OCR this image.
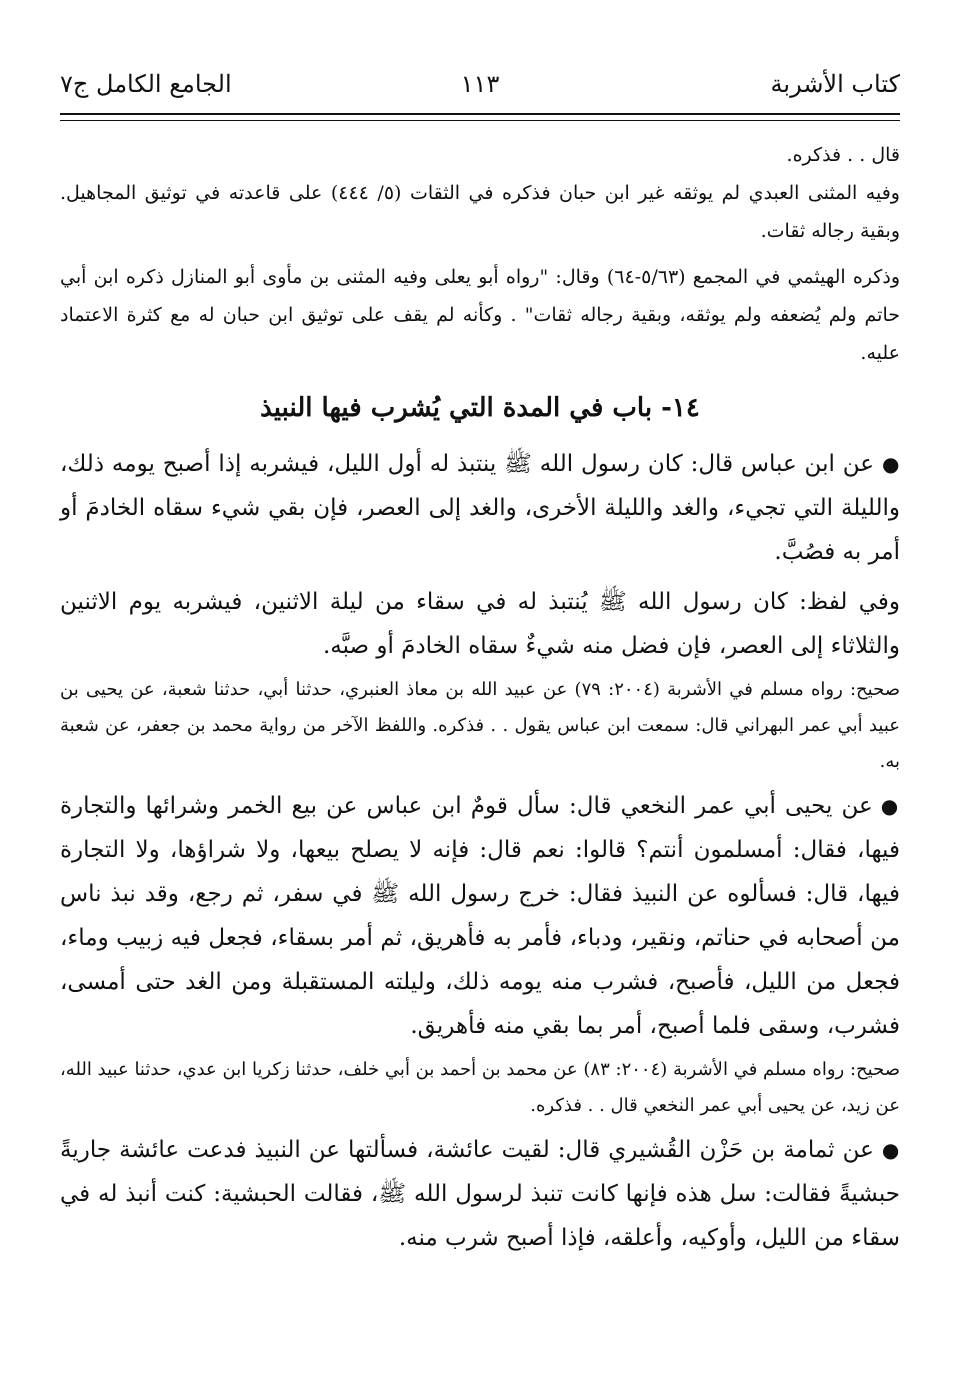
كتاب الأشربة
١١٣
الجامع الكامل ج٧

قال . . فذكره.

وفيه المثنى العبدي لم يوثقه غير ابن حبان فذكره في الثقات (٥/ ٤٤٤) على قاعدته في توثيق المجاهيل. وبقية رجاله ثقات.

وذكره الهيثمي في المجمع (٥/٦٣-٦٤) وقال: "رواه أبو يعلى وفيه المثنى بن مأوى أبو المنازل ذكره ابن أبي حاتم ولم يُضعفه ولم يوثقه، وبقية رجاله ثقات" . وكأنه لم يقف على توثيق ابن حبان له مع كثرة الاعتماد عليه.

١٤- باب في المدة التي يُشرب فيها النبيذ

●عن ابن عباس قال: كان رسول الله ﷺ ينتبذ له أول الليل، فيشربه إذا أصبح يومه ذلك، والليلة التي تجيء، والغد والليلة الأخرى، والغد إلى العصر، فإن بقي شيء سقاه الخادمَ أو أمر به فصُبَّ.

وفي لفظ: كان رسول الله ﷺ يُنتبذ له في سقاء من ليلة الاثنين، فيشربه يوم الاثنين والثلاثاء إلى العصر، فإن فضل منه شيءٌ سقاه الخادمَ أو صبَّه.

صحيح: رواه مسلم في الأشربة (٢٠٠٤: ٧٩) عن عبيد الله بن معاذ العنبري، حدثنا أبي، حدثنا شعبة، عن يحيى بن عبيد أبي عمر البهراني قال: سمعت ابن عباس يقول . . فذكره. واللفظ الآخر من رواية محمد بن جعفر، عن شعبة به.

●عن يحيى أبي عمر النخعي قال: سأل قومٌ ابن عباس عن بيع الخمر وشرائها والتجارة فيها، فقال: أمسلمون أنتم؟ قالوا: نعم قال: فإنه لا يصلح بيعها، ولا شراؤها، ولا التجارة فيها، قال: فسألوه عن النبيذ فقال: خرج رسول الله ﷺ في سفر، ثم رجع، وقد نبذ ناس من أصحابه في حناتم، ونقير، ودباء، فأمر به فأهريق، ثم أمر بسقاء، فجعل فيه زبيب وماء، فجعل من الليل، فأصبح، فشرب منه يومه ذلك، وليلته المستقبلة ومن الغد حتى أمسى، فشرب، وسقى فلما أصبح، أمر بما بقي منه فأهريق.

صحيح: رواه مسلم في الأشربة (٢٠٠٤: ٨٣) عن محمد بن أحمد بن أبي خلف، حدثنا زكريا ابن عدي، حدثنا عبيد الله، عن زيد، عن يحيى أبي عمر النخعي قال . . فذكره.

●عن ثمامة بن حَزْن القُشيري قال: لقيت عائشة، فسألتها عن النبيذ فدعت عائشة جاريةً حبشيةً فقالت: سل هذه فإنها كانت تنبذ لرسول الله ﷺ، فقالت الحبشية: كنت أنبذ له في سقاء من الليل، وأوكيه، وأعلقه، فإذا أصبح شرب منه.
